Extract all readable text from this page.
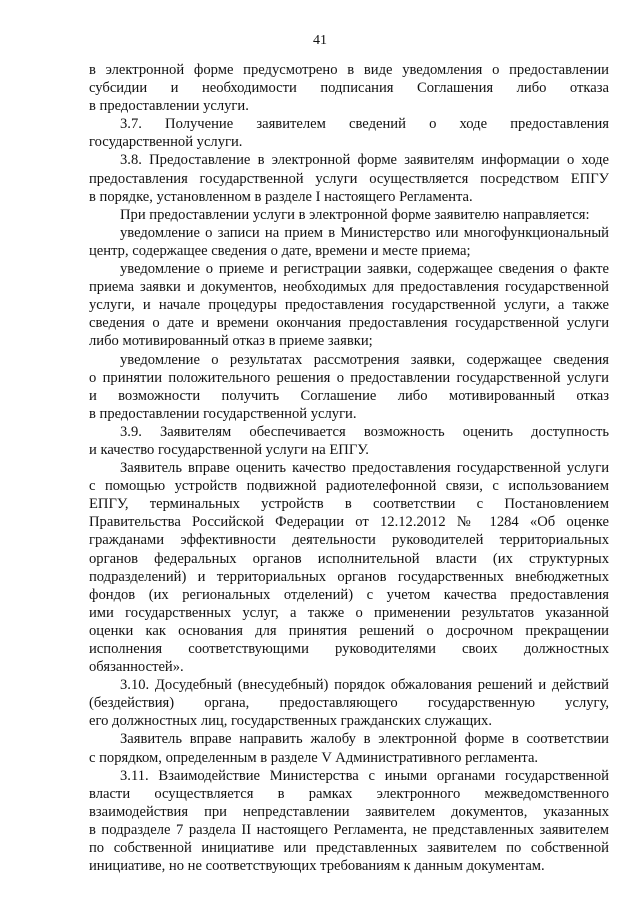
41
в электронной форме предусмотрено в виде уведомления о предоставлении
субсидии и необходимости подписания Соглашения либо отказа
в предоставлении услуги.
3.7. Получение заявителем сведений о ходе предоставления
государственной услуги.
3.8. Предоставление в электронной форме заявителям информации о ходе
предоставления государственной услуги осуществляется посредством ЕПГУ
в порядке, установленном в разделе I настоящего Регламента.
При предоставлении услуги в электронной форме заявителю направляется:
уведомление о записи на прием в Министерство или многофункциональный
центр, содержащее сведения о дате, времени и месте приема;
уведомление о приеме и регистрации заявки, содержащее сведения о факте
приема заявки и документов, необходимых для предоставления государственной
услуги, и начале процедуры предоставления государственной услуги, а также
сведения о дате и времени окончания предоставления государственной услуги
либо мотивированный отказ в приеме заявки;
уведомление о результатах рассмотрения заявки, содержащее сведения
о принятии положительного решения о предоставлении государственной услуги
и возможности получить Соглашение либо мотивированный отказ
в предоставлении государственной услуги.
3.9. Заявителям обеспечивается возможность оценить доступность
и качество государственной услуги на ЕПГУ.
Заявитель вправе оценить качество предоставления государственной услуги
с помощью устройств подвижной радиотелефонной связи, с использованием
ЕПГУ, терминальных устройств в соответствии с Постановлением
Правительства Российской Федерации от 12.12.2012 № 1284 «Об оценке
гражданами эффективности деятельности руководителей территориальных
органов федеральных органов исполнительной власти (их структурных
подразделений) и территориальных органов государственных внебюджетных
фондов (их региональных отделений) с учетом качества предоставления
ими государственных услуг, а также о применении результатов указанной
оценки как основания для принятия решений о досрочном прекращении
исполнения соответствующими руководителями своих должностных
обязанностей».
3.10. Досудебный (внесудебный) порядок обжалования решений и действий
(бездействия) органа, предоставляющего государственную услугу,
его должностных лиц, государственных гражданских служащих.
Заявитель вправе направить жалобу в электронной форме в соответствии
с порядком, определенным в разделе V Административного регламента.
3.11. Взаимодействие Министерства с иными органами государственной
власти осуществляется в рамках электронного межведомственного
взаимодействия при непредставлении заявителем документов, указанных
в подразделе 7 раздела II настоящего Регламента, не представленных заявителем
по собственной инициативе или представленных заявителем по собственной
инициативе, но не соответствующих требованиям к данным документам.
